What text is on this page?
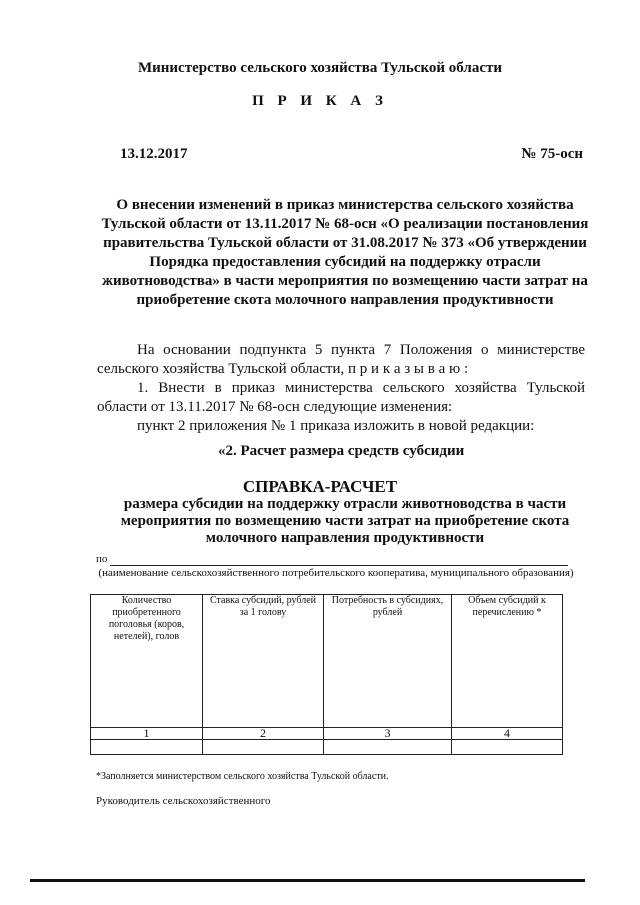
Министерство сельского хозяйства Тульской области
П Р И К А З
13.12.2017	№ 75-осн
О внесении изменений в приказ министерства сельского хозяйства Тульской области от 13.11.2017 № 68-осн «О реализации постановления правительства Тульской области от 31.08.2017 № 373 «Об утверждении Порядка предоставления субсидий на поддержку отрасли животноводства» в части мероприятия по возмещению части затрат на приобретение скота молочного направления продуктивности

На основании подпункта 5 пункта 7 Положения о министерстве сельского хозяйства Тульской области, п р и к а з ы в а ю :

1. Внести в приказ министерства сельского хозяйства Тульской области от 13.11.2017 № 68-осн следующие изменения:

пункт 2 приложения № 1 приказа изложить в новой редакции:

«2. Расчет размера средств субсидии
СПРАВКА-РАСЧЕТ
размера субсидии на поддержку отрасли животноводства в части мероприятия по возмещению части затрат на приобретение скота молочного направления продуктивности
по
(наименование сельскохозяйственного потребительского кооператива, муниципального образования)
Количество приобретенного поголовья (коров, нетелей), голов	Ставка субсидий, рублей за 1 голову	Потребность в субсидиях, рублей	Объем субсидий к перечислению *
1	2	3	4

*Заполняется министерством сельского хозяйства Тульской области.
Руководитель сельскохозяйственного
